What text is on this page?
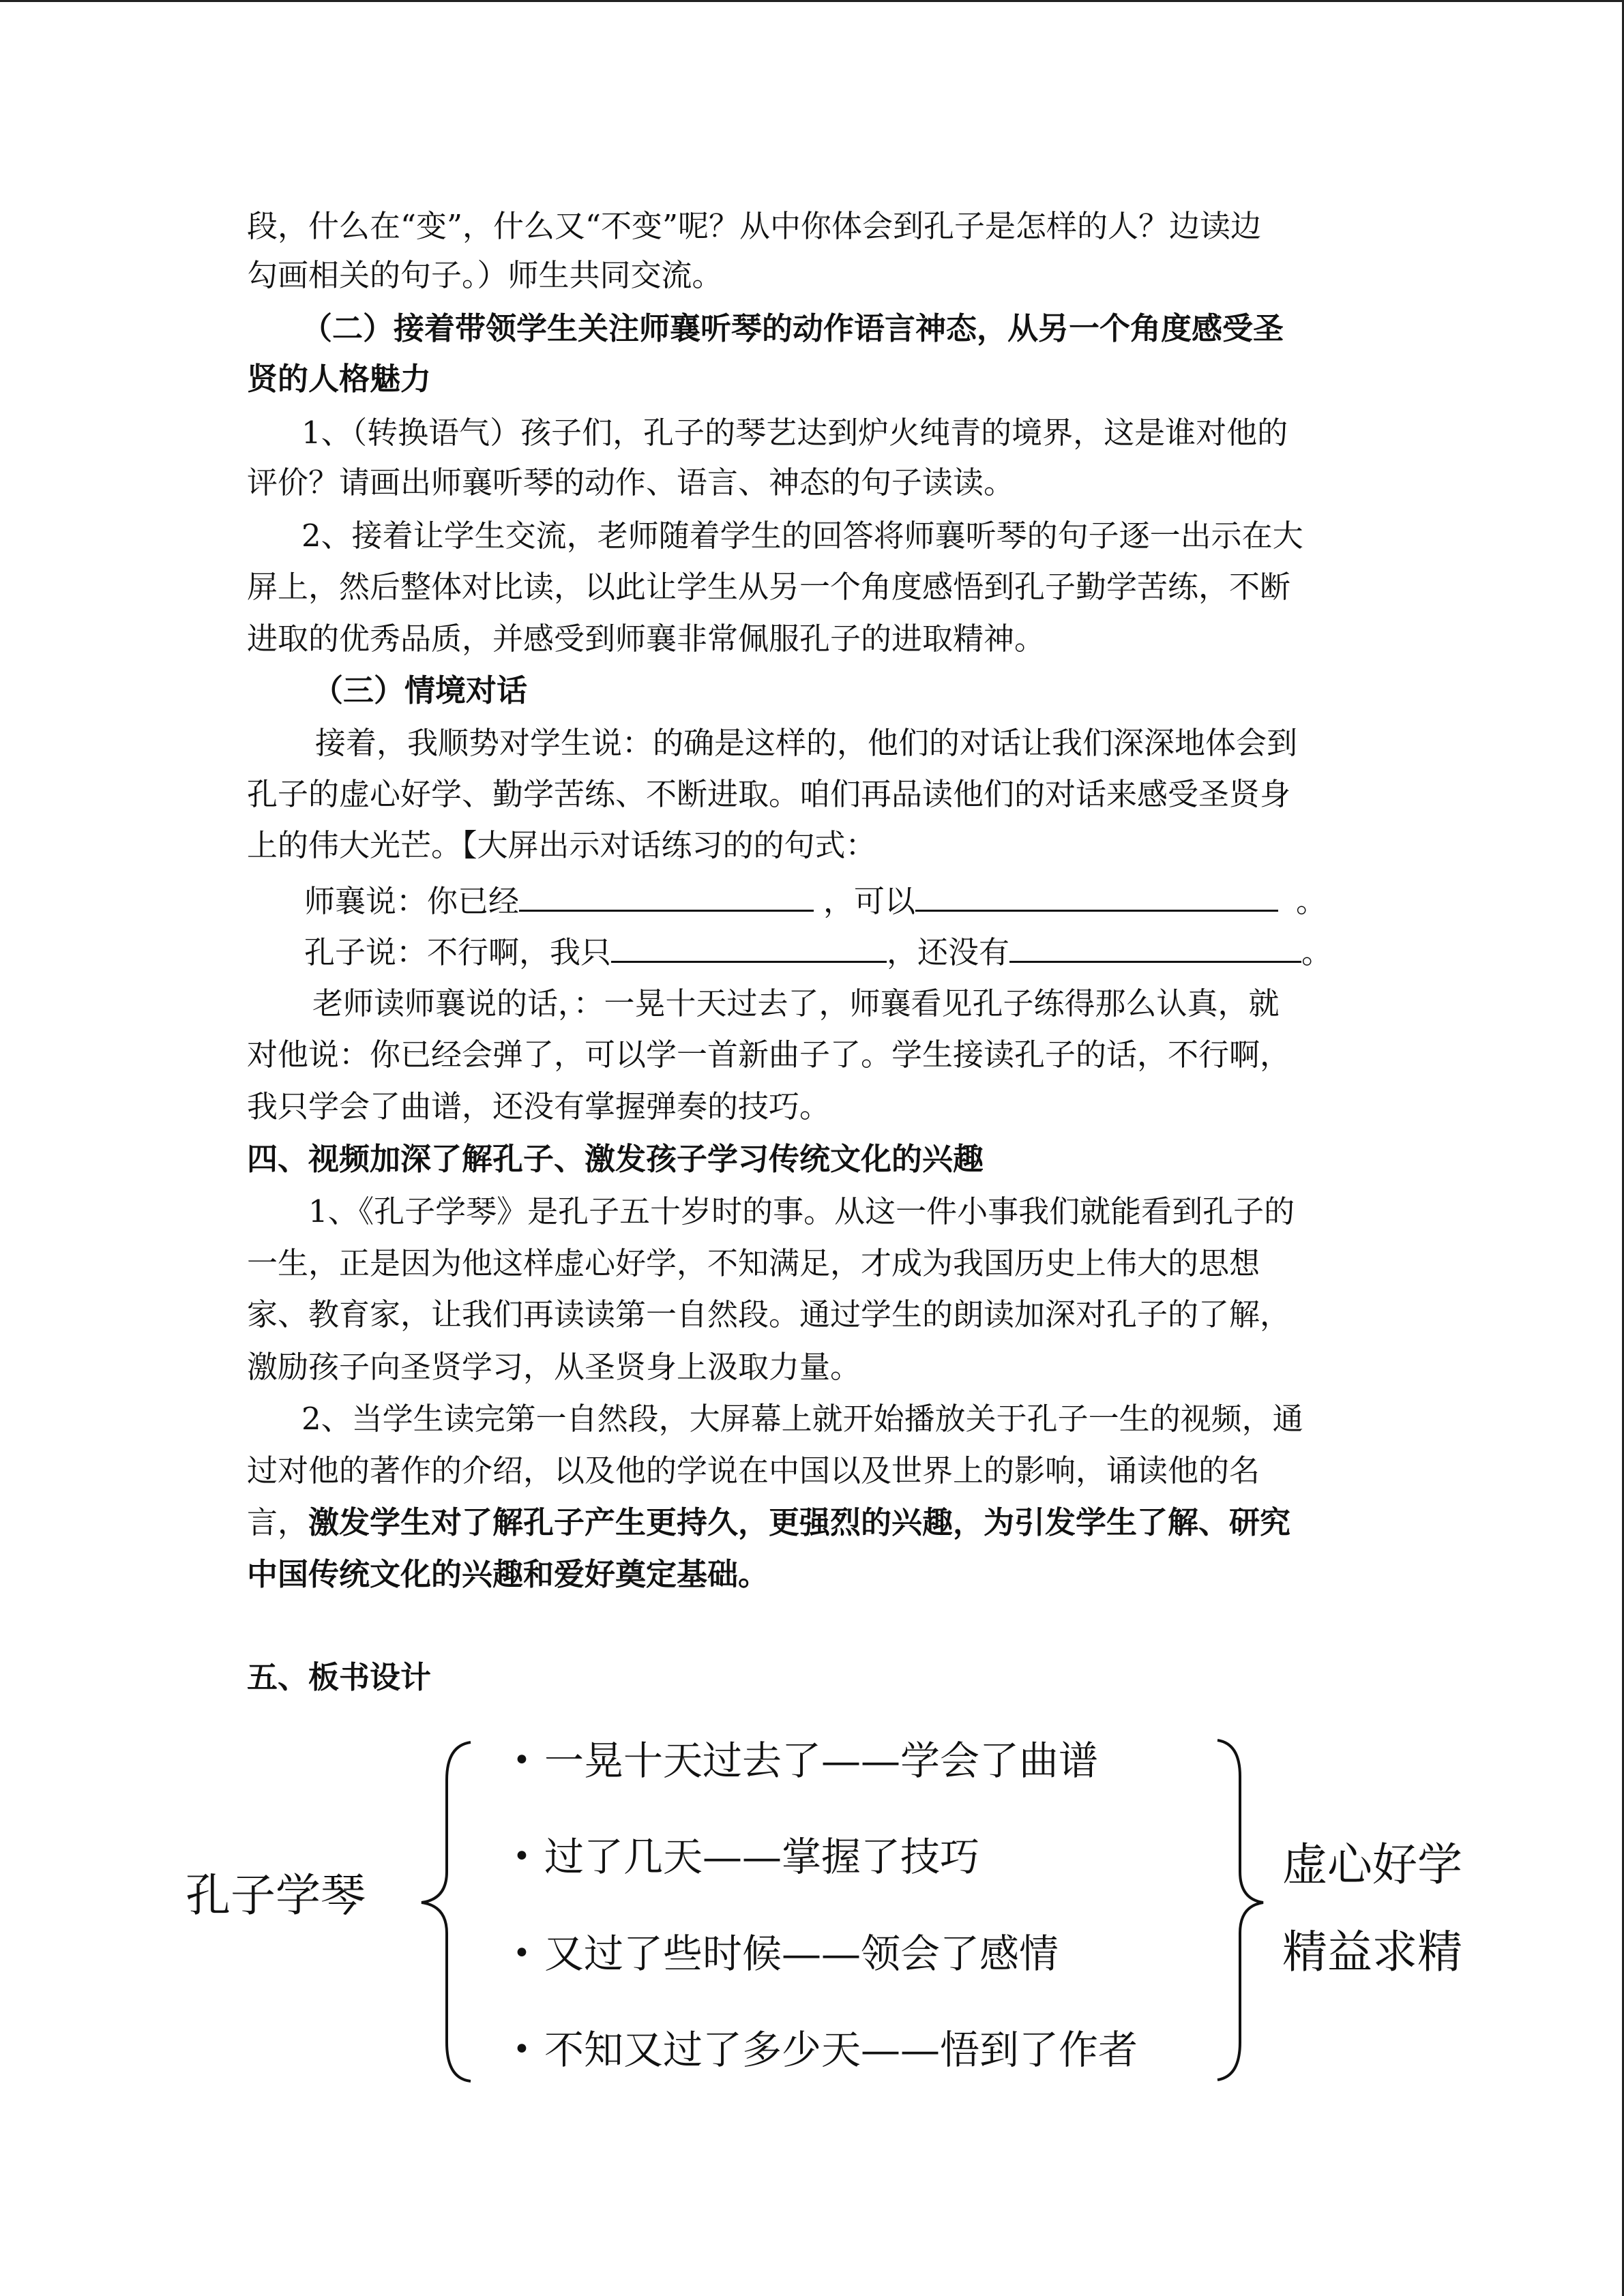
段，什么在“变”，什么又“不变”呢？从中你体会到孔子是怎样的人？边读边
勾画相关的句子。）师生共同交流。
（二）接着带领学生关注师襄听琴的动作语言神态，从另一个角度感受圣
贤的人格魅力
1、（转换语气）孩子们，孔子的琴艺达到炉火纯青的境界，这是谁对他的
评价？请画出师襄听琴的动作、语言、神态的句子读读。
2、接着让学生交流，老师随着学生的回答将师襄听琴的句子逐一出示在大
屏上，然后整体对比读，以此让学生从另一个角度感悟到孔子勤学苦练，不断
进取的优秀品质，并感受到师襄非常佩服孔子的进取精神。
（三）情境对话
接着，我顺势对学生说：的确是这样的，他们的对话让我们深深地体会到
孔子的虚心好学、勤学苦练、不断进取。咱们再品读他们的对话来感受圣贤身
上的伟大光芒。【大屏出示对话练习的的句式：
师襄说：你已经	，可以	。
孔子说：不行啊，我只	，还没有	。
老师读师襄说的话，：一晃十天过去了，师襄看见孔子练得那么认真，就
对他说：你已经会弹了，可以学一首新曲子了。学生接读孔子的话，不行啊，
我只学会了曲谱，还没有掌握弹奏的技巧。
四、视频加深了解孔子、激发孩子学习传统文化的兴趣
1、《孔子学琴》是孔子五十岁时的事。从这一件小事我们就能看到孔子的
一生，正是因为他这样虚心好学，不知满足，才成为我国历史上伟大的思想
家、教育家，让我们再读读第一自然段。通过学生的朗读加深对孔子的了解，
激励孩子向圣贤学习，从圣贤身上汲取力量。
2、当学生读完第一自然段，大屏幕上就开始播放关于孔子一生的视频，通
过对他的著作的介绍，以及他的学说在中国以及世界上的影响，诵读他的名
言，激发学生对了解孔子产生更持久，更强烈的兴趣，为引发学生了解、研究
中国传统文化的兴趣和爱好奠定基础。
五、板书设计
孔子学琴
• 一晃十天过去了——学会了曲谱
• 过了几天——掌握了技巧
• 又过了些时候——领会了感情
• 不知又过了多少天——悟到了作者
虚心好学
精益求精
